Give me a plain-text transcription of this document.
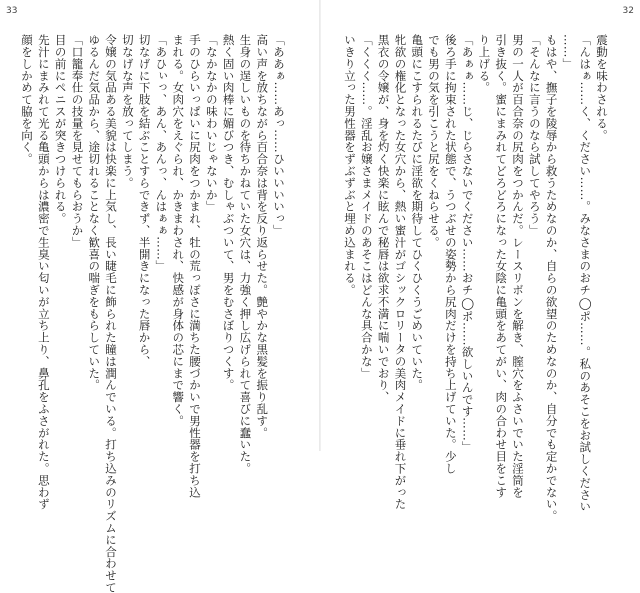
33
「ああぁ……あっ……ひいいいいっ」
高い声を放ちながら百合奈は背を反り返らせた。艶やかな黒髪を振り乱す。
生身の逞しいものを待ちかねていた女穴は、力強く押し広げられて喜びに蠢いた。
熱く固い肉棒に媚びつき、むしゃぶついて、男をむさぼりつくす。
「なかなかの味わいじゃないか」
手のひらいっぱいに尻肉をつかまれ、牡の荒っぽさに満ちた腰づかいで男性器を打ち込
まれる。女肉穴をえぐられ、かきまわされ、快感が身体の芯にまで響く。
「あひぃっ、あん、あんっ、んはぁぁ……」
切なげに下肢を結ぶことすらできず、半開きになった唇から、
切なげな声を放ってしまう。
令嬢の気品ある美貌は快楽に上気し、長い睫毛に飾られた瞳は潤んでいる。打ち込みのリズムに合わせて
ゆるんだ気品から、途切れることなく歓喜の喘ぎをもらしていた。
「口籠奉仕の技量を見せてもらおうか」
目の前にペニスが突きつけられる。
先汁にまみれて光る亀頭からは濃密で生臭い匂いが立ち上り、鼻孔をふさがれた。思わず
顔をしかめて脇を向く。
32
震動を味わされる。
「んはぁ……く、ください……。みなさまのおチ◯ポ……。私のあそこをお試しください
……」
もはや、撫子を陵辱から救うためなのか、自らの欲望のためなのか、自分でも定かでない。
「そんなに言うのなら試してやろう」
男の一人が百合奈の尻肉をつかんだ。レースリボンを解き、膣穴をふさいでいた淫筒を
引き抜く。蜜にまみれてどろどろになった女陰に亀頭をあてがい、肉の合わせ目をこす
り上げる。
「あぁぁ……じ、じらさないでください……おチ◯ポ……欲しいんです……」
後ろ手に拘束された状態で、うつぶせの姿勢から尻肉だけを持ち上げていた。少し
でも男の気を引こうと尻をくねらせる。
亀頭にこすられるたびに淫欲を期待してひくひくうごめいていた。
牝欲の権化となった女穴から、熱い蜜汁がゴシックロリータの美肉メイドに垂れ下がった
黒衣の令嬢が、身を灼く快楽に眩んで秘唇は欲求不満に喘いでおり、
「くくく……。淫乱お嬢さまメイドのあそこはどんな具合かな」
いきり立った男性器をずぶずぶと埋め込まれる。
